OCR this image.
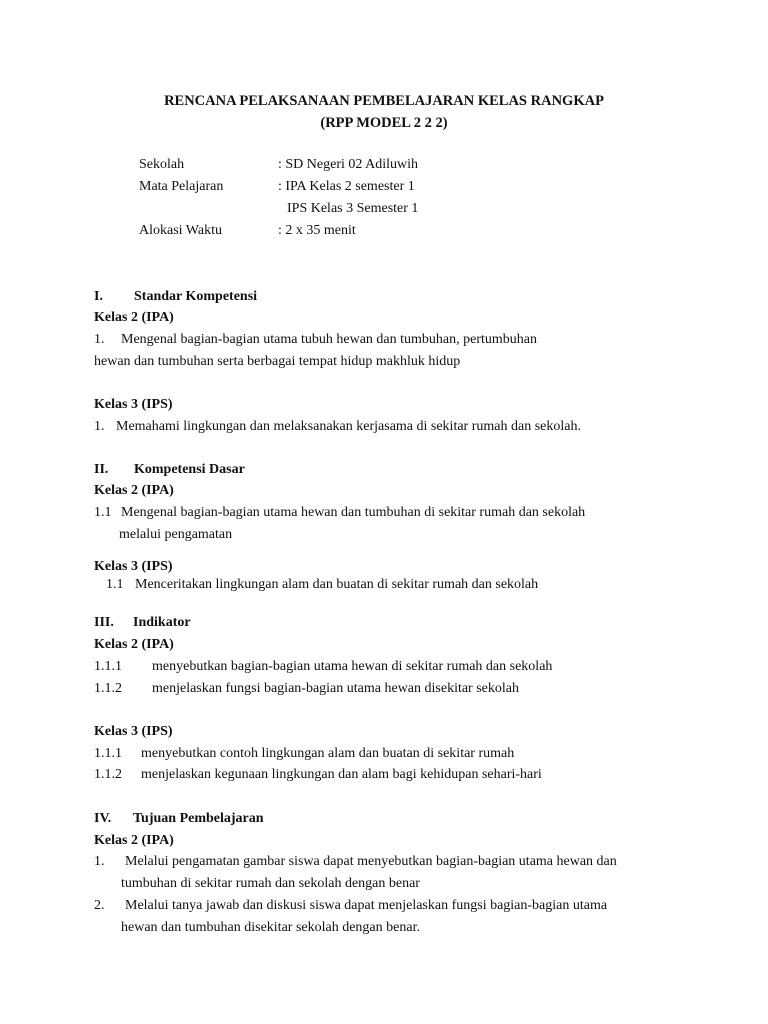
RENCANA PELAKSANAAN PEMBELAJARAN KELAS RANGKAP
(RPP MODEL 2 2 2)
Sekolah	: SD Negeri 02 Adiluwih
Mata Pelajaran	: IPA Kelas 2 semester 1
IPS Kelas 3 Semester 1
Alokasi Waktu	: 2 x 35 menit
I. Standar Kompetensi
Kelas 2 (IPA)
1. Mengenal bagian-bagian utama tubuh hewan dan tumbuhan, pertumbuhan
hewan dan tumbuhan serta berbagai tempat hidup makhluk hidup
Kelas 3 (IPS)
1. Memahami lingkungan dan melaksanakan kerjasama di sekitar rumah dan sekolah.
II. Kompetensi Dasar
Kelas 2 (IPA)
1.1 Mengenal bagian-bagian utama hewan dan tumbuhan di sekitar rumah dan sekolah
melalui pengamatan
Kelas 3 (IPS)
1.1 Menceritakan lingkungan alam dan buatan di sekitar rumah dan sekolah
III. Indikator
Kelas 2 (IPA)
1.1.1 menyebutkan bagian-bagian utama hewan di sekitar rumah dan sekolah
1.1.2 menjelaskan fungsi bagian-bagian utama hewan disekitar sekolah
Kelas 3 (IPS)
1.1.1 menyebutkan contoh lingkungan alam dan buatan di sekitar rumah
1.1.2 menjelaskan kegunaan lingkungan dan alam bagi kehidupan sehari-hari
IV. Tujuan Pembelajaran
Kelas 2 (IPA)
1. Melalui pengamatan gambar siswa dapat menyebutkan bagian-bagian utama hewan dan
tumbuhan di sekitar rumah dan sekolah dengan benar
2. Melalui tanya jawab dan diskusi siswa dapat menjelaskan fungsi bagian-bagian utama
hewan dan tumbuhan disekitar sekolah dengan benar.
